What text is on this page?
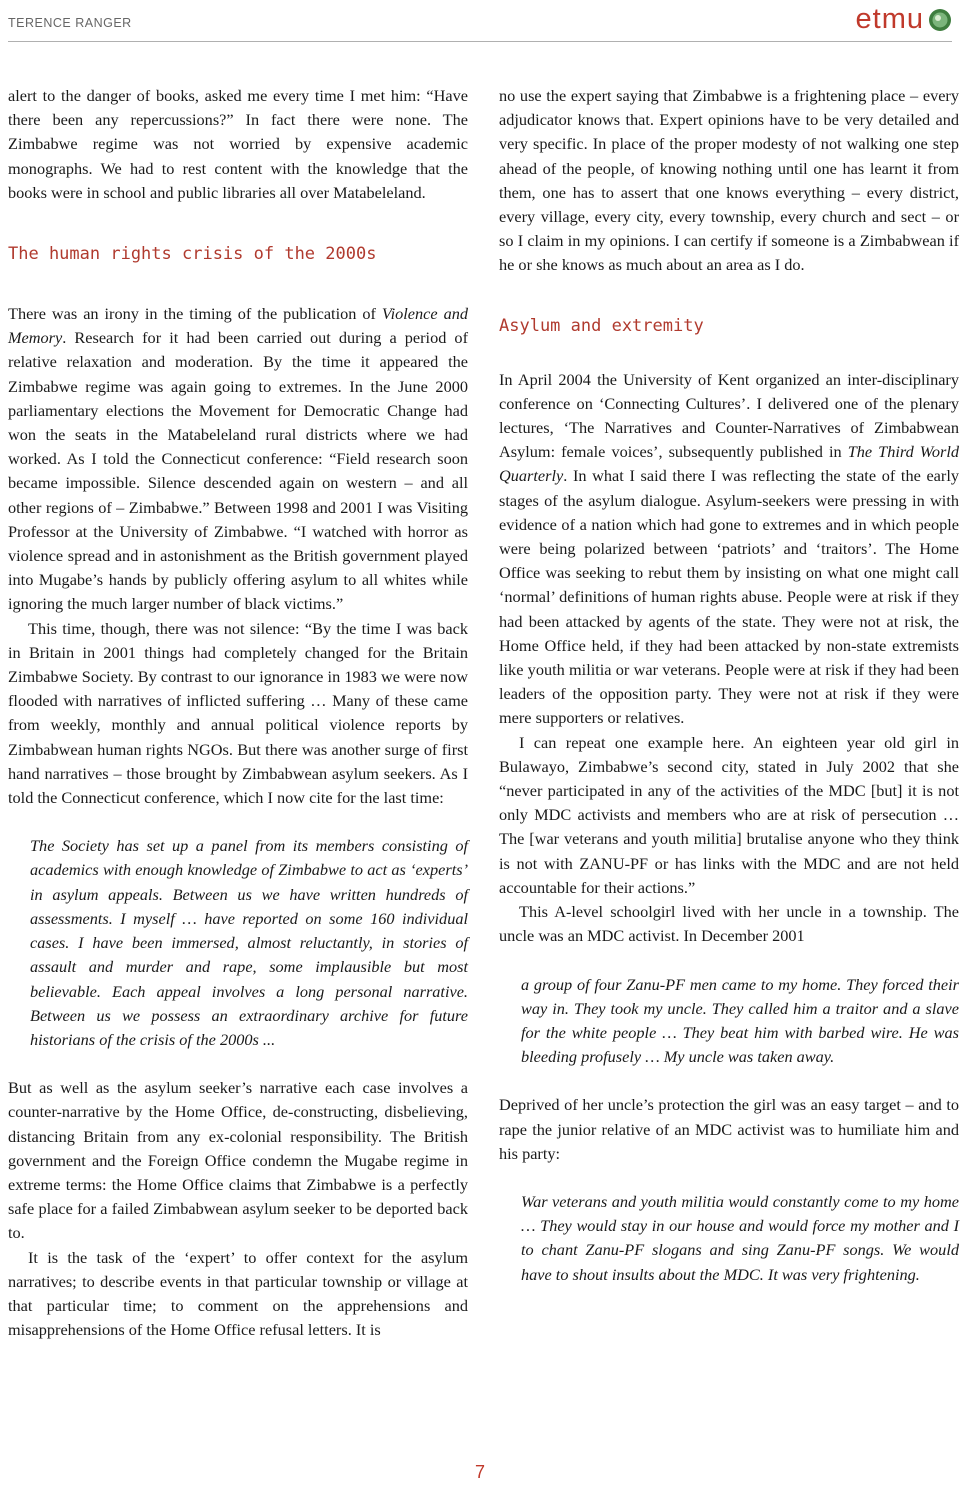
TERENCE RANGER	etmu

alert to the danger of books, asked me every time I met him: “Have there been any repercussions?” In fact there were none. The Zimbabwe regime was not worried by expensive academic monographs. We had to rest content with the knowledge that the books were in school and public libraries all over Matabeleland.

The human rights crisis of the 2000s

There was an irony in the timing of the publication of Violence and Memory. Research for it had been carried out during a period of relative relaxation and moderation. By the time it appeared the Zimbabwe regime was again going to extremes. In the June 2000 parliamentary elections the Movement for Democratic Change had won the seats in the Matabeleland rural districts where we had worked. As I told the Connecticut conference: “Field research soon became impossible. Silence descended again on western – and all other regions of – Zimbabwe.” Between 1998 and 2001 I was Visiting Professor at the University of Zimbabwe. “I watched with horror as violence spread and in astonishment as the British government played into Mugabe’s hands by publicly offering asylum to all whites while ignoring the much larger number of black victims.”

This time, though, there was not silence: “By the time I was back in Britain in 2001 things had completely changed for the Britain Zimbabwe Society. By contrast to our ignorance in 1983 we were now flooded with narratives of inflicted suffering … Many of these came from weekly, monthly and annual political violence reports by Zimbabwean human rights NGOs. But there was another surge of first hand narratives – those brought by Zimbabwean asylum seekers. As I told the Connecticut conference, which I now cite for the last time:

The Society has set up a panel from its members consisting of academics with enough knowledge of Zimbabwe to act as ‘experts’ in asylum appeals. Between us we have written hundreds of assessments. I myself … have reported on some 160 individual cases. I have been immersed, almost reluctantly, in stories of assault and murder and rape, some implausible but most believable. Each appeal involves a long personal narrative. Between us we possess an extraordinary archive for future historians of the crisis of the 2000s ...

But as well as the asylum seeker’s narrative each case involves a counter-narrative by the Home Office, de-constructing, disbelieving, distancing Britain from any ex-colonial responsibility. The British government and the Foreign Office condemn the Mugabe regime in extreme terms: the Home Office claims that Zimbabwe is a perfectly safe place for a failed Zimbabwean asylum seeker to be deported back to.

It is the task of the ‘expert’ to offer context for the asylum narratives; to describe events in that particular township or village at that particular time; to comment on the apprehensions and misapprehensions of the Home Office refusal letters. It is

no use the expert saying that Zimbabwe is a frightening place – every adjudicator knows that. Expert opinions have to be very detailed and very specific. In place of the proper modesty of not walking one step ahead of the people, of knowing nothing until one has learnt it from them, one has to assert that one knows everything – every district, every village, every city, every township, every church and sect – or so I claim in my opinions. I can certify if someone is a Zimbabwean if he or she knows as much about an area as I do.

Asylum and extremity

In April 2004 the University of Kent organized an inter-disciplinary conference on ‘Connecting Cultures’. I delivered one of the plenary lectures, ‘The Narratives and Counter-Narratives of Zimbabwean Asylum: female voices’, subsequently published in The Third World Quarterly. In what I said there I was reflecting the state of the early stages of the asylum dialogue. Asylum-seekers were pressing in with evidence of a nation which had gone to extremes and in which people were being polarized between ‘patriots’ and ‘traitors’. The Home Office was seeking to rebut them by insisting on what one might call ‘normal’ definitions of human rights abuse. People were at risk if they had been attacked by agents of the state. They were not at risk, the Home Office held, if they had been attacked by non-state extremists like youth militia or war veterans. People were at risk if they had been leaders of the opposition party. They were not at risk if they were mere supporters or relatives.

I can repeat one example here. An eighteen year old girl in Bulawayo, Zimbabwe’s second city, stated in July 2002 that she “never participated in any of the activities of the MDC [but] it is not only MDC activists and members who are at risk of persecution … The [war veterans and youth militia] brutalise anyone who they think is not with ZANU-PF or has links with the MDC and are not held accountable for their actions.”

This A-level schoolgirl lived with her uncle in a township. The uncle was an MDC activist. In December 2001

a group of four Zanu-PF men came to my home. They forced their way in. They took my uncle. They called him a traitor and a slave for the white people … They beat him with barbed wire. He was bleeding profusely … My uncle was taken away.

Deprived of her uncle’s protection the girl was an easy target – and to rape the junior relative of an MDC activist was to humiliate him and his party:

War veterans and youth militia would constantly come to my home … They would stay in our house and would force my mother and I to chant Zanu-PF slogans and sing Zanu-PF songs. We would have to shout insults about the MDC. It was very frightening.

7
